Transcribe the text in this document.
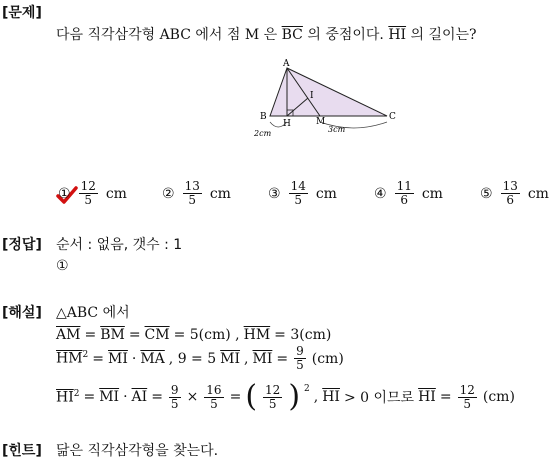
[문제]
다음 직각삼각형 ABC 에서 점 M 은 $\overline{BC}$ 의 중점이다. $\overline{HI}$ 의 길이는?
A
B	C
H	M
I
2cm	3cm
① $\frac{12}{5}$ cm	② $\frac{13}{5}$ cm	③ $\frac{14}{5}$ cm	④ $\frac{11}{6}$ cm	⑤ $\frac{13}{6}$ cm
[정답] 순서 : 없음, 갯수 : 1
①
[해설] △ABC 에서
$\overline{AM} = \overline{BM} = \overline{CM} = 5(cm)$ , $\overline{HM} = 3(cm)$
$\overline{HM}^2 = \overline{MI} \cdot \overline{MA}$ , 9 = 5 $\overline{MI}$ , $\overline{MI} = \frac{9}{5} (cm)$
$\overline{HI}^2 = \overline{MI} \cdot \overline{AI} = \frac{9}{5} \times \frac{16}{5}$ = ( $\frac{12}{5}$ ) $^2$ , $\overline{HI} > 0$ 이므로 $\overline{HI} = \frac{12}{5} (cm)$
[힌트] 닮은 직각삼각형을 찾는다.
